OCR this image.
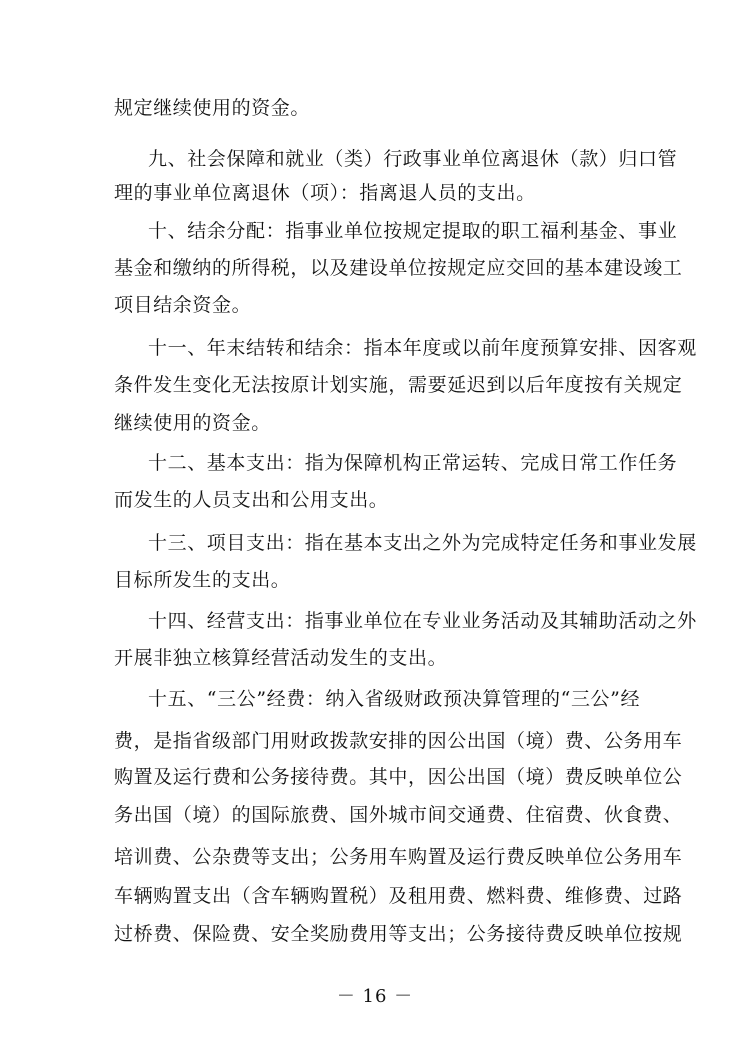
规定继续使用的资金。
九、社会保障和就业（类）行政事业单位离退休（款）归口管
理的事业单位离退休（项）：指离退人员的支出。
十、结余分配：指事业单位按规定提取的职工福利基金、事业
基金和缴纳的所得税，以及建设单位按规定应交回的基本建设竣工
项目结余资金。
十一、年末结转和结余：指本年度或以前年度预算安排、因客观
条件发生变化无法按原计划实施，需要延迟到以后年度按有关规定
继续使用的资金。
十二、基本支出：指为保障机构正常运转、完成日常工作任务
而发生的人员支出和公用支出。
十三、项目支出：指在基本支出之外为完成特定任务和事业发展
目标所发生的支出。
十四、经营支出：指事业单位在专业业务活动及其辅助活动之外
开展非独立核算经营活动发生的支出。
十五、“三公”经费：纳入省级财政预决算管理的“三公”经
费，是指省级部门用财政拨款安排的因公出国（境）费、公务用车
购置及运行费和公务接待费。其中，因公出国（境）费反映单位公
务出国（境）的国际旅费、国外城市间交通费、住宿费、伙食费、
培训费、公杂费等支出；公务用车购置及运行费反映单位公务用车
车辆购置支出（含车辆购置税）及租用费、燃料费、维修费、过路
过桥费、保险费、安全奖励费用等支出；公务接待费反映单位按规
－ 16 －
